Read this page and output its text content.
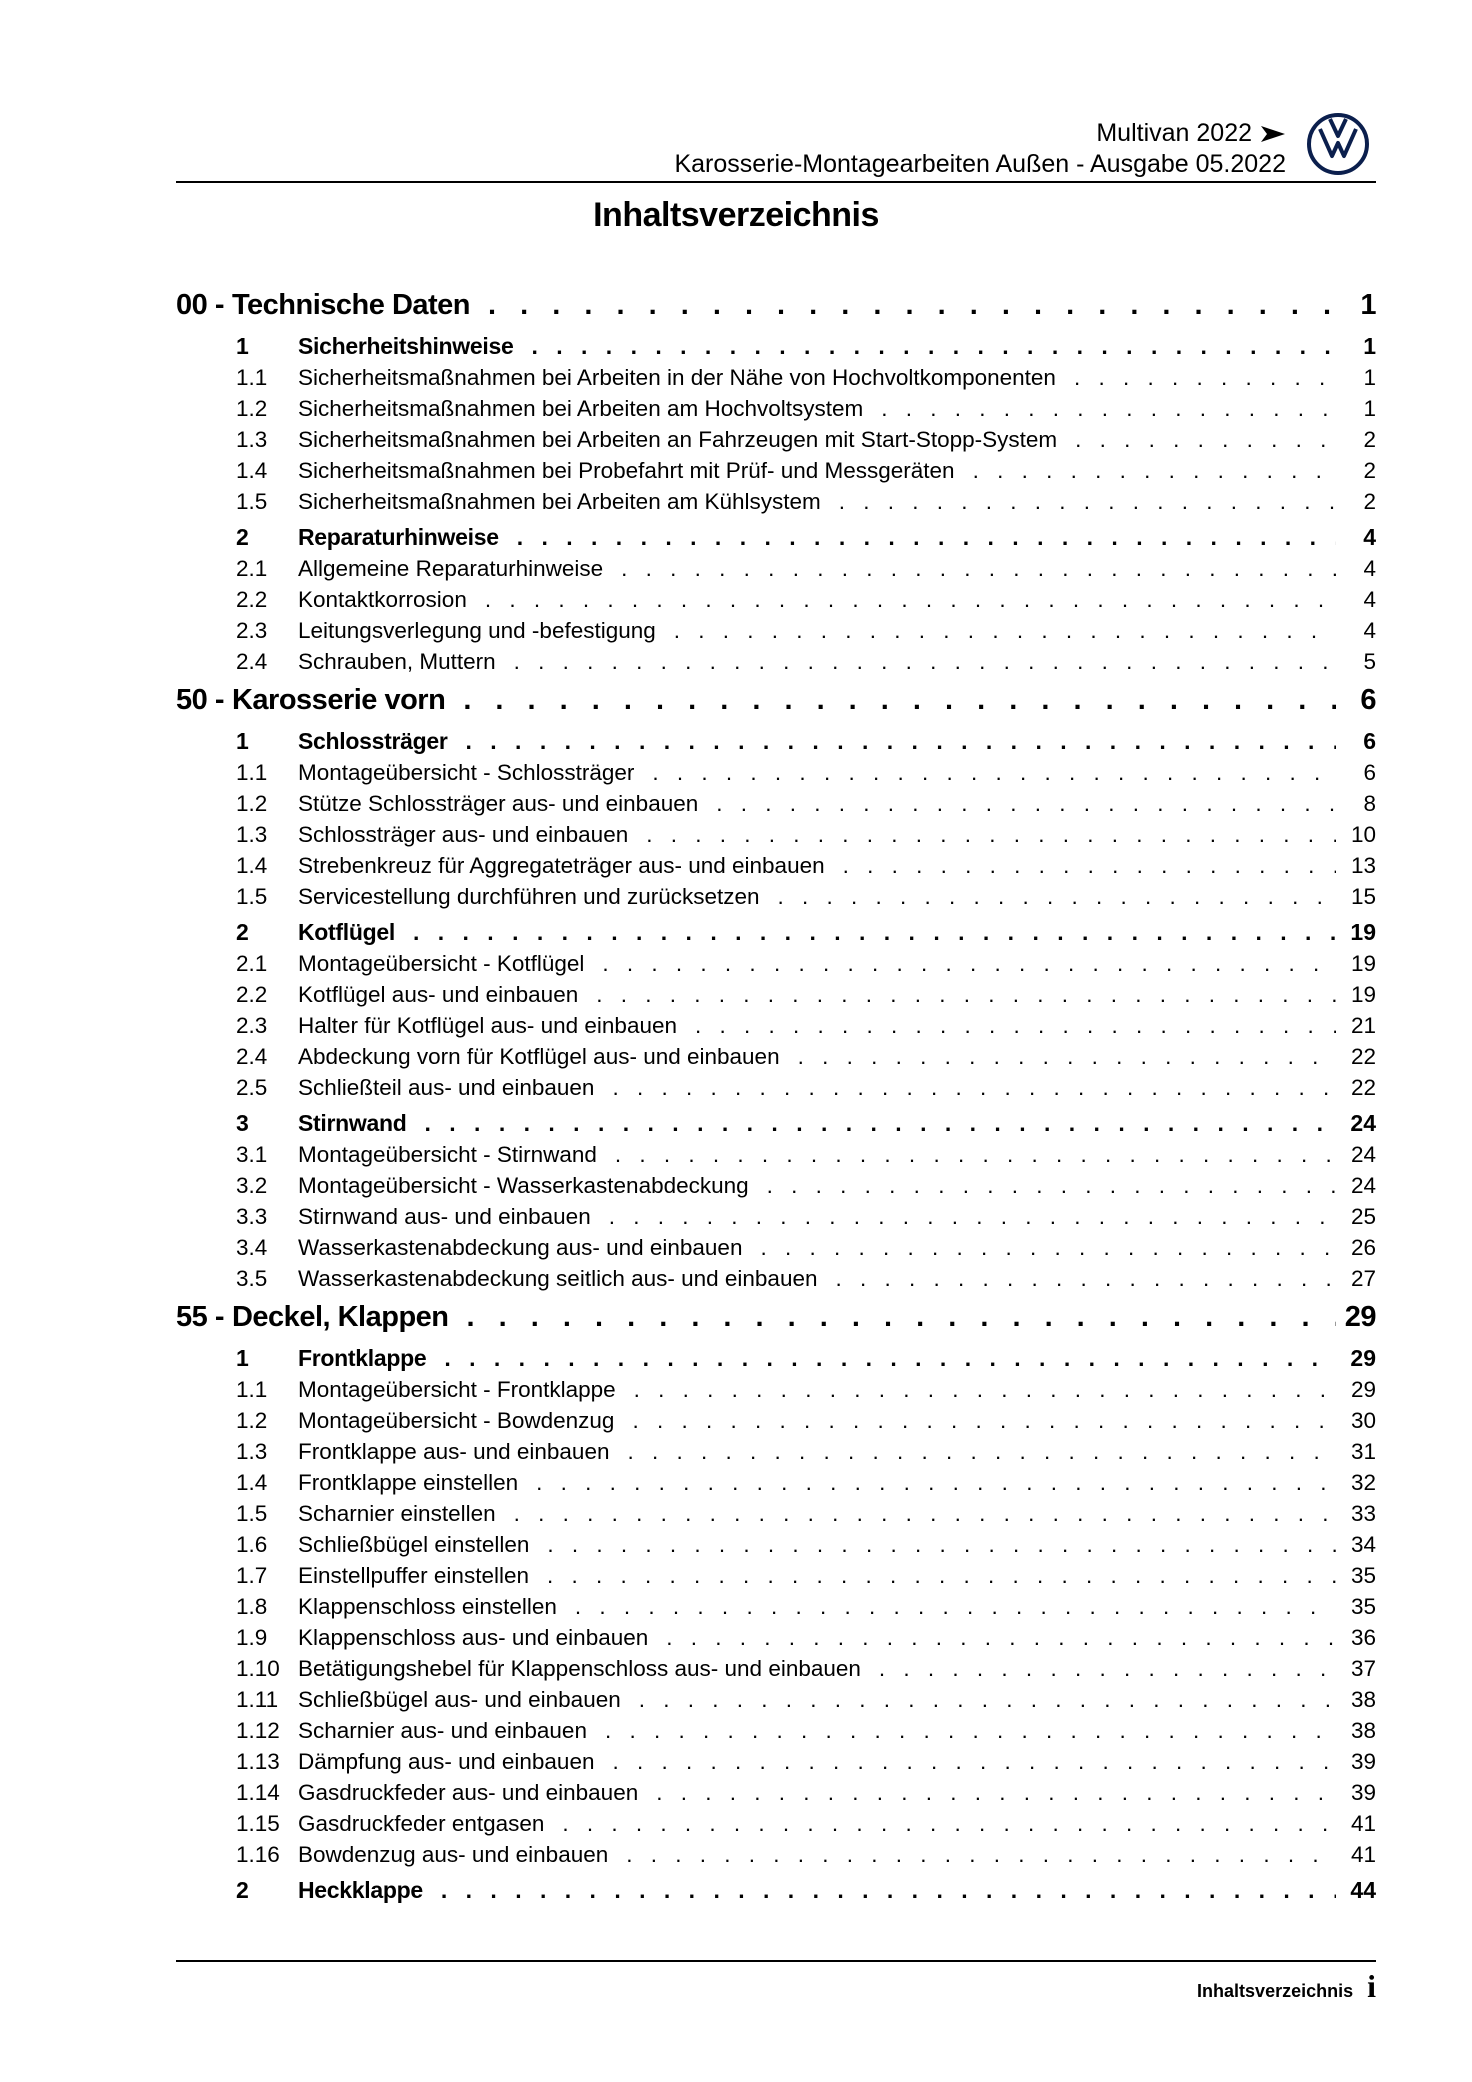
Multivan 2022
Karosserie-Montagearbeiten Außen - Ausgabe 05.2022
Inhaltsverzeichnis
00 - Technische Daten . . .	1
1	Sicherheitshinweise . . .	1
1.1	Sicherheitsmaßnahmen bei Arbeiten in der Nähe von Hochvoltkomponenten . . .	1
1.2	Sicherheitsmaßnahmen bei Arbeiten am Hochvoltsystem . . .	1
1.3	Sicherheitsmaßnahmen bei Arbeiten an Fahrzeugen mit Start-Stopp-System . . .	2
1.4	Sicherheitsmaßnahmen bei Probefahrt mit Prüf- und Messgeräten . . .	2
1.5	Sicherheitsmaßnahmen bei Arbeiten am Kühlsystem . . .	2
2	Reparaturhinweise . . .	4
2.1	Allgemeine Reparaturhinweise . . .	4
2.2	Kontaktkorrosion . . .	4
2.3	Leitungsverlegung und -befestigung . . .	4
2.4	Schrauben, Muttern . . .	5
50 - Karosserie vorn . . .	6
1	Schlossträger . . .	6
1.1	Montageübersicht - Schlossträger . . .	6
1.2	Stütze Schlossträger aus- und einbauen . . .	8
1.3	Schlossträger aus- und einbauen . . .	10
1.4	Strebenkreuz für Aggregateträger aus- und einbauen . . .	13
1.5	Servicestellung durchführen und zurücksetzen . . .	15
2	Kotflügel . . .	19
2.1	Montageübersicht - Kotflügel . . .	19
2.2	Kotflügel aus- und einbauen . . .	19
2.3	Halter für Kotflügel aus- und einbauen . . .	21
2.4	Abdeckung vorn für Kotflügel aus- und einbauen . . .	22
2.5	Schließteil aus- und einbauen . . .	22
3	Stirnwand . . .	24
3.1	Montageübersicht - Stirnwand . . .	24
3.2	Montageübersicht - Wasserkastenabdeckung . . .	24
3.3	Stirnwand aus- und einbauen . . .	25
3.4	Wasserkastenabdeckung aus- und einbauen . . .	26
3.5	Wasserkastenabdeckung seitlich aus- und einbauen . . .	27
55 - Deckel, Klappen . . .	29
1	Frontklappe . . .	29
1.1	Montageübersicht - Frontklappe . . .	29
1.2	Montageübersicht - Bowdenzug . . .	30
1.3	Frontklappe aus- und einbauen . . .	31
1.4	Frontklappe einstellen . . .	32
1.5	Scharnier einstellen . . .	33
1.6	Schließbügel einstellen . . .	34
1.7	Einstellpuffer einstellen . . .	35
1.8	Klappenschloss einstellen . . .	35
1.9	Klappenschloss aus- und einbauen . . .	36
1.10 Betätigungshebel für Klappenschloss aus- und einbauen . . .	37
1.11 Schließbügel aus- und einbauen . . .	38
1.12 Scharnier aus- und einbauen . . .	38
1.13 Dämpfung aus- und einbauen . . .	39
1.14 Gasdruckfeder aus- und einbauen . . .	39
1.15 Gasdruckfeder entgasen . . .	41
1.16 Bowdenzug aus- und einbauen . . .	41
2	Heckklappe . . .	44
Inhaltsverzeichnis i
